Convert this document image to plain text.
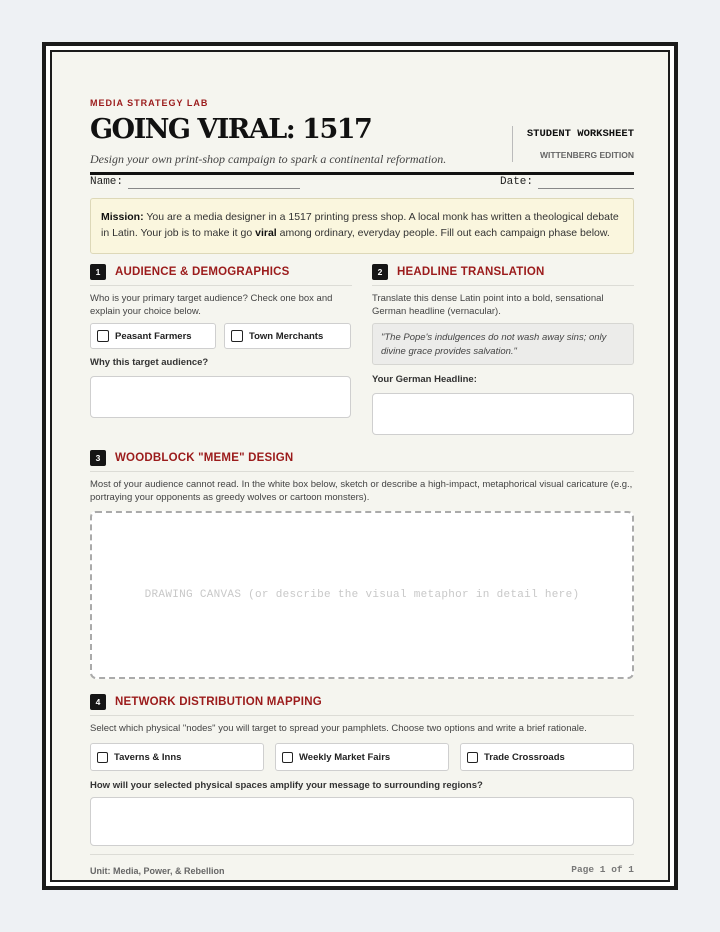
MEDIA STRATEGY LAB
GOING VIRAL: 1517
Design your own print-shop campaign to spark a continental reformation.
STUDENT WORKSHEET
WITTENBERG EDITION
Name:	Date:
Mission: You are a media designer in a 1517 printing press shop. A local monk has written a theological debate in Latin. Your job is to make it go viral among ordinary, everyday people. Fill out each campaign phase below.
1	AUDIENCE & DEMOGRAPHICS
Who is your primary target audience? Check one box and explain your choice below.
Peasant Farmers	Town Merchants
Why this target audience?
2	HEADLINE TRANSLATION
Translate this dense Latin point into a bold, sensational German headline (vernacular).
"The Pope's indulgences do not wash away sins; only divine grace provides salvation."
Your German Headline:
3	WOODBLOCK "MEME" DESIGN
Most of your audience cannot read. In the white box below, sketch or describe a high-impact, metaphorical visual caricature (e.g., portraying your opponents as greedy wolves or cartoon monsters).
DRAWING CANVAS (or describe the visual metaphor in detail here)
4	NETWORK DISTRIBUTION MAPPING
Select which physical "nodes" you will target to spread your pamphlets. Choose two options and write a brief rationale.
Taverns & Inns	Weekly Market Fairs	Trade Crossroads
How will your selected physical spaces amplify your message to surrounding regions?
Unit: Media, Power, & Rebellion	Page 1 of 1
